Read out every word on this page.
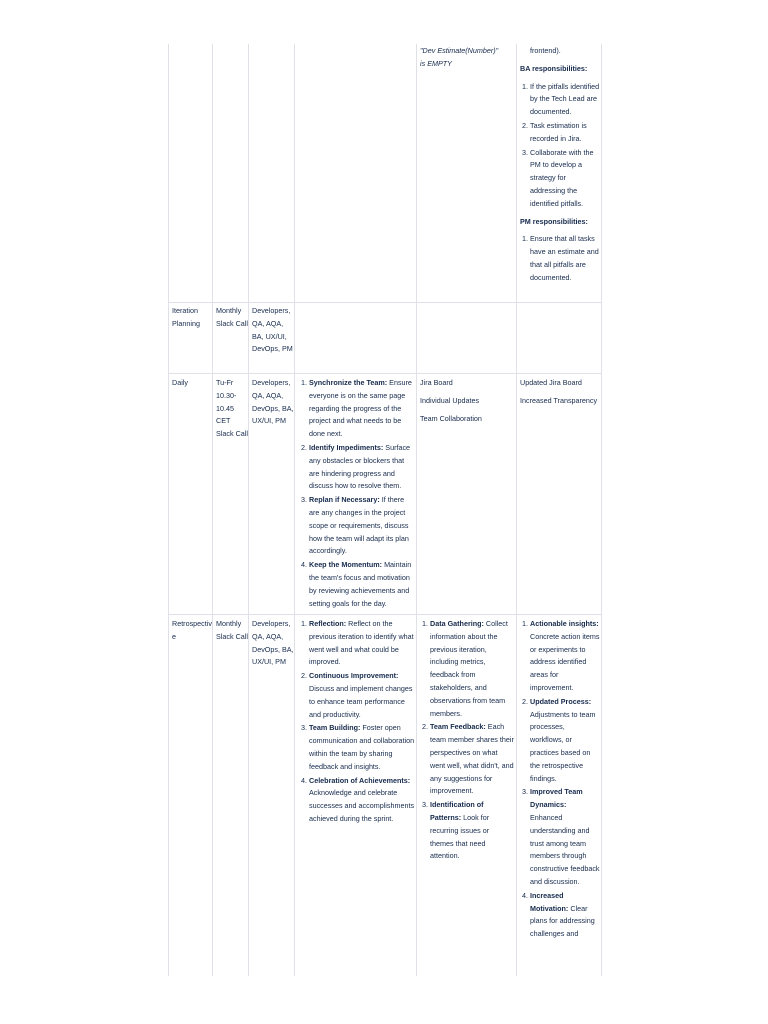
"Dev Estimate(Number)"
is EMPTY

frontend).

BA responsibilities:

1. If the pitfalls identified by the Tech Lead are documented.
2. Task estimation is recorded in Jira.
3. Collaborate with the PM to develop a strategy for addressing the identified pitfalls.

PM responsibilities:

1. Ensure that all tasks have an estimate and that all pitfalls are documented.
Iteration Planning
Monthly Slack Call
Developers, QA, AQA, BA, UX/UI, DevOps, PM
Daily	Tu-Fr 10.30-10.45 CET Slack Call
Developers, QA, AQA, DevOps, BA, UX/UI, PM
1. Synchronize the Team: Ensure everyone is on the same page regarding the progress of the project and what needs to be done next.
2. Identify Impediments: Surface any obstacles or blockers that are hindering progress and discuss how to resolve them.
3. Replan if Necessary: If there are any changes in the project scope or requirements, discuss how the team will adapt its plan accordingly.
4. Keep the Momentum: Maintain the team's focus and motivation by reviewing achievements and setting goals for the day.

Jira Board

Individual Updates

Team Collaboration

Updated Jira Board

Increased Transparency

Retrospective
Monthly Slack Call
Developers, QA, AQA, DevOps, BA, UX/UI, PM
1. Reflection: Reflect on the previous iteration to identify what went well and what could be improved.
2. Continuous Improvement: Discuss and implement changes to enhance team performance and productivity.
3. Team Building: Foster open communication and collaboration within the team by sharing feedback and insights.
4. Celebration of Achievements: Acknowledge and celebrate successes and accomplishments achieved during the sprint.
1. Data Gathering: Collect information about the previous iteration, including metrics, feedback from stakeholders, and observations from team members.
2. Team Feedback: Each team member shares their perspectives on what went well, what didn't, and any suggestions for improvement.
3. Identification of Patterns: Look for recurring issues or themes that need attention.
1. Actionable insights: Concrete action items or experiments to address identified areas for improvement.
2. Updated Process: Adjustments to team processes, workflows, or practices based on the retrospective findings.
3. Improved Team Dynamics: Enhanced understanding and trust among team members through constructive feedback and discussion.
4. Increased Motivation: Clear plans for addressing challenges and
